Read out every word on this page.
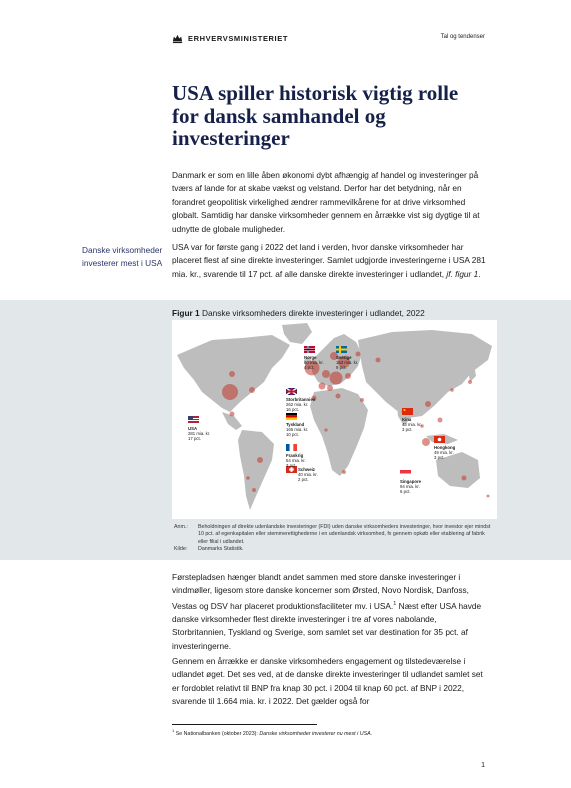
ERHVERVSMINISTERIET	Tal og tendenser
USA spiller historisk vigtig rolle for dansk samhandel og investeringer

Danmark er som en lille åben økonomi dybt afhængig af handel og investeringer på tværs af lande for at skabe vækst og velstand. Derfor har det betydning, når en forandret geopolitisk virkelighed ændrer rammevilkårene for at drive virksomhed globalt. Samtidig har danske virksomheder gennem en årrække vist sig dygtige til at udnytte de globale muligheder.

Danske virksomheder investerer mest i USA

USA var for første gang i 2022 det land i verden, hvor danske virksomheder har placeret flest af sine direkte investeringer. Samlet udgjorde investeringerne i USA 281 mia. kr., svarende til 17 pct. af alle danske direkte investeringer i udlandet, jf. figur 1.

Figur 1 Danske virksomheders direkte investeringer i udlandet, 2022
USA
281 mia. kr.
17 pct.
Storbritannien
262 mia. kr.
16 pct.
Norge
60 mia. kr.
4 pct.
Sverige
153 mia. kr.
9 pct.
Tyskland
165 mia. kr.
10 pct.
Frankrig
54 mia. kr.
3 pct.
Schweiz
40 mia. kr.
2 pct.
Kina
43 mia. kr.
3 pct.
Hongkong
49 mia. kr.
3 pct.
Singapore
94 mia. kr.
6 pct.
Anm.:	Beholdningen af direkte udenlandske investeringer (FDI) uden danske virksomheders investeringer, hvor investor ejer mindst 10 pct. af egenkapitalen eller stemmerettighederne i en udenlandsk virksomhed, fx gennem opkøb eller etablering af fabrik eller filial i udlandet.
Kilde:	Danmarks Statistik.

Førstepladsen hænger blandt andet sammen med store danske investeringer i vindmøller, ligesom store danske koncerner som Ørsted, Novo Nordisk, Danfoss, Vestas og DSV har placeret produktionsfaciliteter mv. i USA.$^1$ Næst efter USA havde danske virksomheder flest direkte investeringer i tre af vores nabolande, Storbritannien, Tyskland og Sverige, som samlet set var destination for 35 pct. af investeringerne.

Gennem en årrække er danske virksomheders engagement og tilstedeværelse i udlandet øget. Det ses ved, at de danske direkte investeringer til udlandet samlet set er fordoblet relativt til BNP fra knap 30 pct. i 2004 til knap 60 pct. af BNP i 2022, svarende til 1.664 mia. kr. i 2022. Det gælder også for

$^1$ Se Nationalbanken (oktober 2023): Danske virksomheder investerer nu mest i USA.
1
